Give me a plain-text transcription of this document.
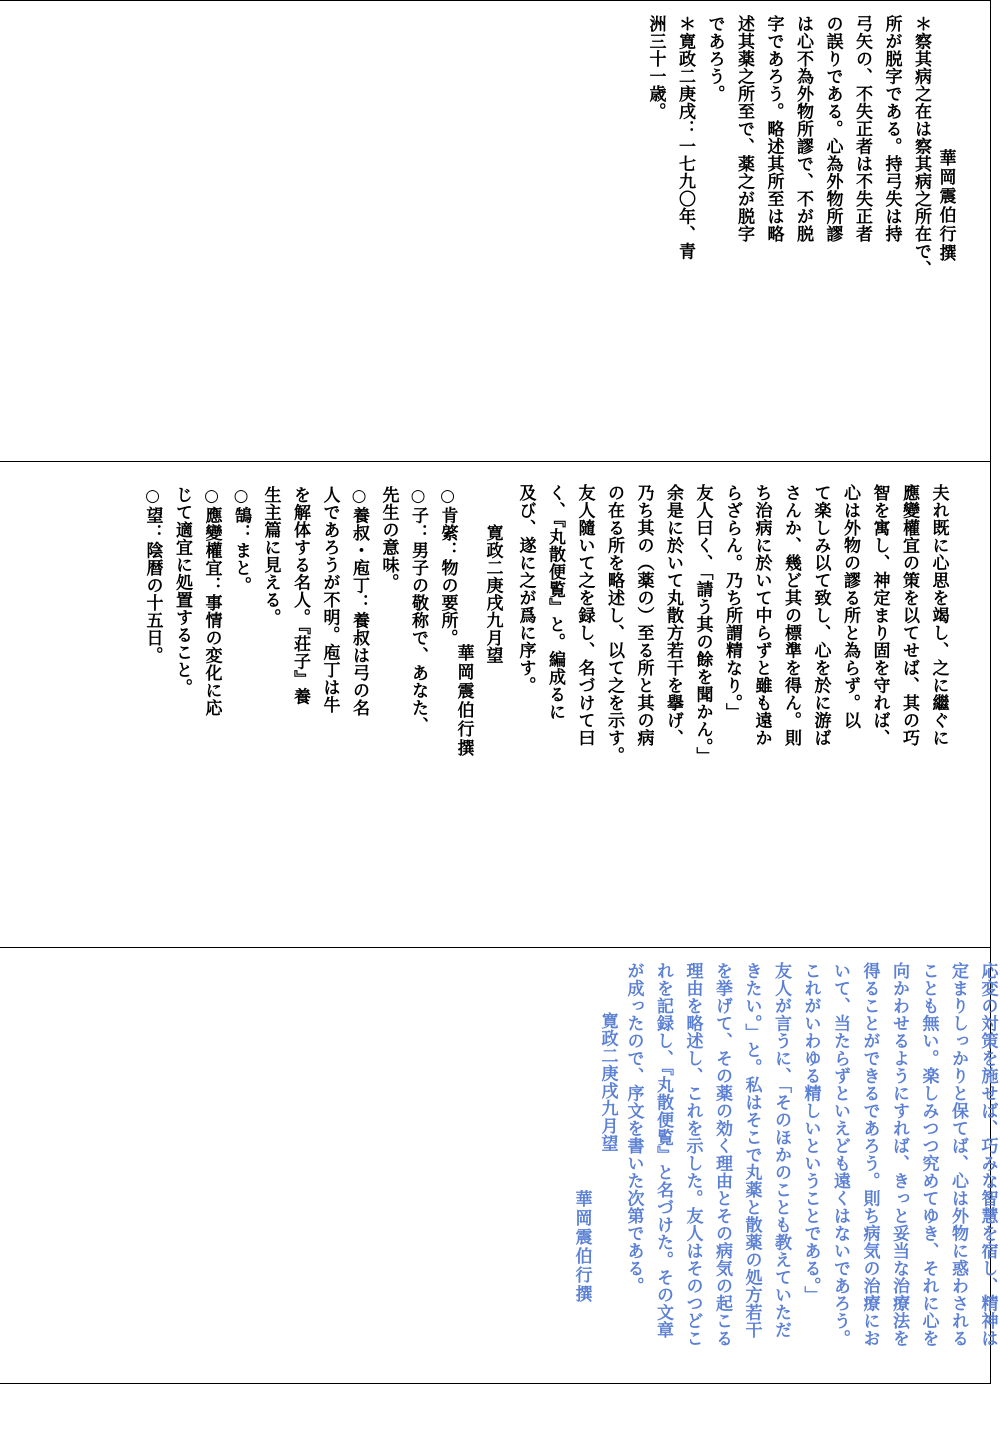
華岡震伯行撰
＊察其病之在は察其病之所在で、
所が脱字である。持弓失は持
弓矢の、不失正者は不失正者
の誤りである。心為外物所謬
は心不為外物所謬で、不が脱
字であろう。略述其所至は略
述其薬之所至で、薬之が脱字
であろう。
＊寛政二庚戌：一七九〇年、青
洲三十一歳。
夫れ既に心思を竭し、之に繼ぐに
應變權宜の策を以てせば、其の巧
智を寓し、神定まり固を守れば、
心は外物の謬る所と為らず。以
て楽しみ以て致し、心を於に游ば
さんか、幾ど其の標準を得ん。則
ち治病に於いて中らずと雖も遠か
らざらん。乃ち所謂精なり。」
友人曰く、「請う其の餘を聞かん。」
余是に於いて丸散方若干を擧げ、
乃ち其の（薬の）至る所と其の病
の在る所を略述し、以て之を示す。
友人隨いて之を録し、名づけて曰
く、『丸散便覧』と。編成るに
及び、遂に之が爲に序す。
寛政二庚戌九月望
華岡震伯行撰
○肯綮：物の要所。
○子：男子の敬称で、あなた、
先生の意味。
○養叔・庖丁：養叔は弓の名
人であろうが不明。庖丁は牛
を解体する名人。『荘子』養
生主篇に見える。
○鵠：まと。
○應變權宜：事情の変化に応
じて適宜に処置すること。
○望：陰暦の十五日。
応変の対策を施せば、巧みな智慧を宿し、精神は
定まりしっかりと保てば、心は外物に惑わされる
ことも無い。楽しみつつ究めてゆき、それに心を
向かわせるようにすれば、きっと妥当な治療法を
得ることができるであろう。則ち病気の治療にお
いて、当たらずといえども遠くはないであろう。
これがいわゆる精しいということである。」
友人が言うに、「そのほかのことも教えていただ
きたい。」と。私はそこで丸薬と散薬の処方若干
を挙げて、その薬の効く理由とその病気の起こる
理由を略述し、これを示した。友人はそのつどこ
れを記録し、『丸散便覧』と名づけた。その文章
が成ったので、序文を書いた次第である。
寛政二庚戌九月望
華岡震伯行撰
